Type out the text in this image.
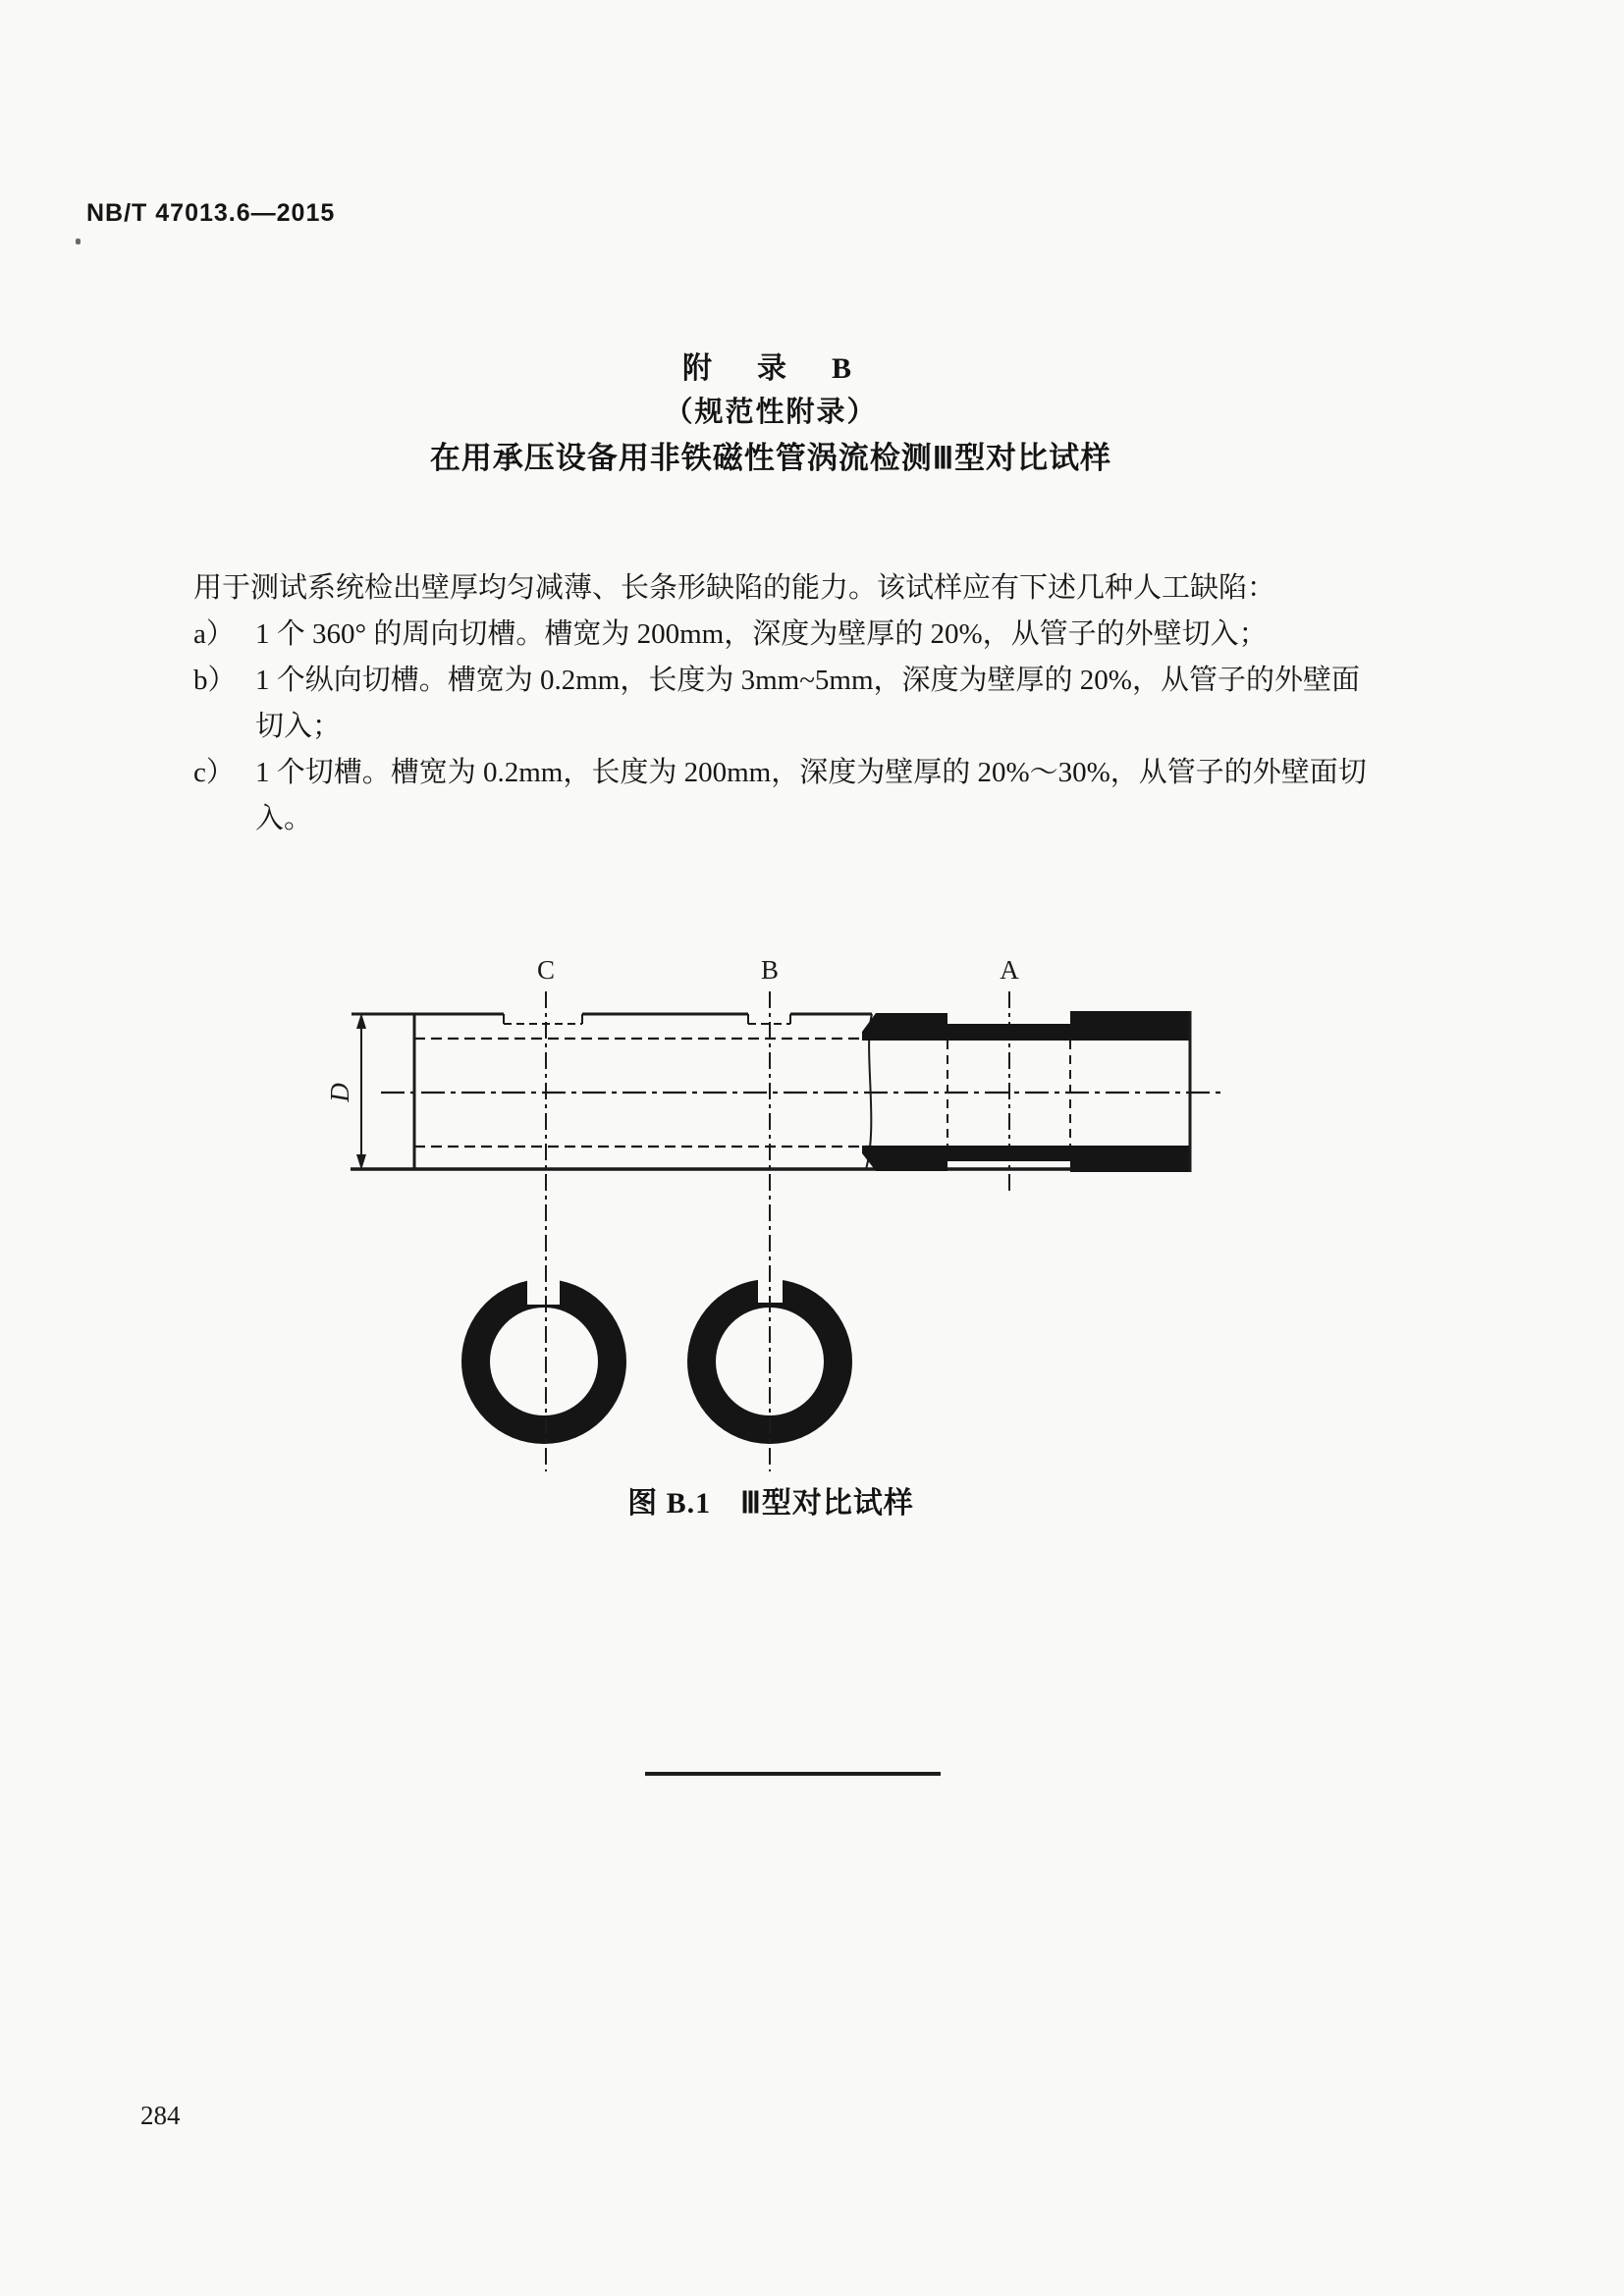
NB/T 47013.6—2015
附　录　B
（规范性附录）
在用承压设备用非铁磁性管涡流检测Ⅲ型对比试样
用于测试系统检出壁厚均匀减薄、长条形缺陷的能力。该试样应有下述几种人工缺陷：
a） 1 个 360° 的周向切槽。槽宽为 200mm，深度为壁厚的 20%，从管子的外壁切入；
b） 1 个纵向切槽。槽宽为 0.2mm，长度为 3mm~5mm，深度为壁厚的 20%，从管子的外壁面
切入；
c） 1 个切槽。槽宽为 0.2mm，长度为 200mm，深度为壁厚的 20%～30%，从管子的外壁面切
入。
C	B	A
D
图 B.1 Ⅲ型对比试样
284
